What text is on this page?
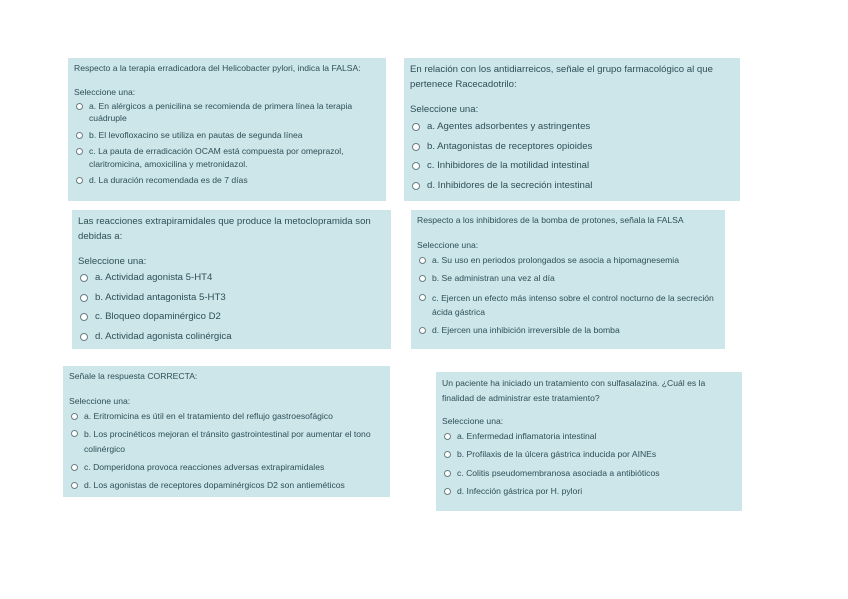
Respecto a la terapia erradicadora del Helicobacter pylori, indica la FALSA:

Seleccione una:

a. En alérgicos a penicilina se recomienda de primera línea la terapia cuádruple
b. El levofloxacino se utiliza en pautas de segunda línea
c. La pauta de erradicación OCAM está compuesta por omeprazol, claritromicina, amoxicilina y metronidazol.
d. La duración recomendada es de 7 días

En relación con los antidiarreicos, señale el grupo farmacológico al que pertenece Racecadotrilo:

Seleccione una:

a. Agentes adsorbentes y astringentes
b. Antagonistas de receptores opioides
c. Inhibidores de la motilidad intestinal
d. Inhibidores de la secreción intestinal

Las reacciones extrapiramidales que produce la metoclopramida son debidas a:

Seleccione una:

a. Actividad agonista 5-HT4
b. Actividad antagonista 5-HT3
c. Bloqueo dopaminérgico D2
d. Actividad agonista colinérgica

Respecto a los inhibidores de la bomba de protones, señala la FALSA

Seleccione una:

a. Su uso en periodos prolongados se asocia a hipomagnesemia
b. Se administran una vez al día
c. Ejercen un efecto más intenso sobre el control nocturno de la secreción ácida gástrica
d. Ejercen una inhibición irreversible de la bomba

Señale la respuesta CORRECTA:

Seleccione una:

a. Eritromicina es útil en el tratamiento del reflujo gastroesofágico
b. Los procinéticos mejoran el tránsito gastrointestinal por aumentar el tono colinérgico
c. Domperidona provoca reacciones adversas extrapiramidales
d. Los agonistas de receptores dopaminérgicos D2 son antieméticos

Un paciente ha iniciado un tratamiento con sulfasalazina. ¿Cuál es la finalidad de administrar este tratamiento?

Seleccione una:

a. Enfermedad inflamatoria intestinal
b. Profilaxis de la úlcera gástrica inducida por AINEs
c. Colitis pseudomembranosa asociada a antibióticos
d. Infección gástrica por H. pylori
